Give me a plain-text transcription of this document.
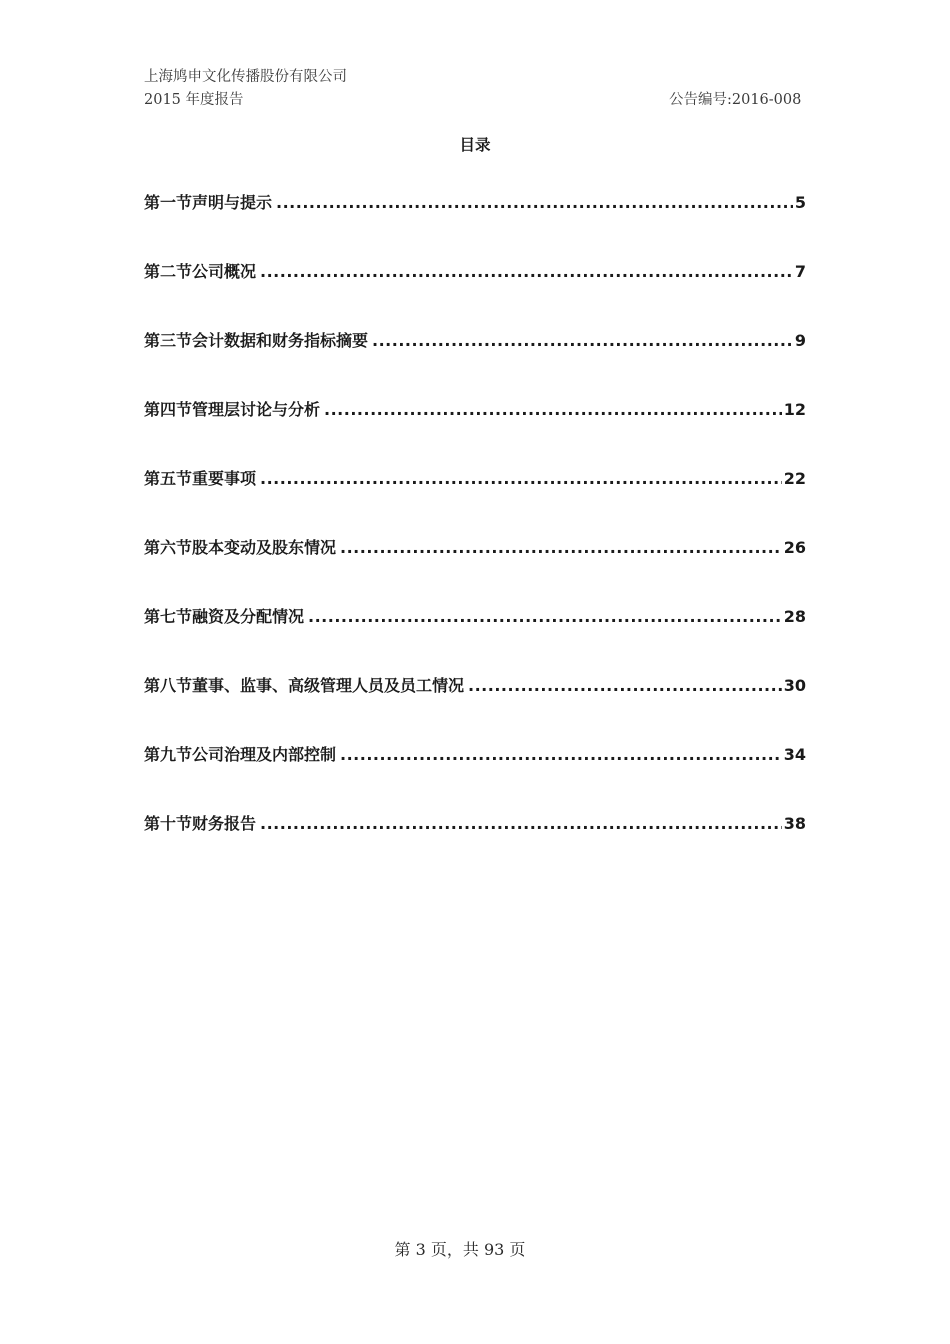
上海鸠申文化传播股份有限公司
2015 年度报告	公告编号:2016-008
目录
第一节声明与提示 .....	5
第二节公司概况 .....	7
第三节会计数据和财务指标摘要 .....	9
第四节管理层讨论与分析 .....	12
第五节重要事项 .....	22
第六节股本变动及股东情况 .....	26
第七节融资及分配情况 .....	28
第八节董事、监事、高级管理人员及员工情况 .....	30
第九节公司治理及内部控制 .....	34
第十节财务报告 .....	38
第 3 页，共 93 页
